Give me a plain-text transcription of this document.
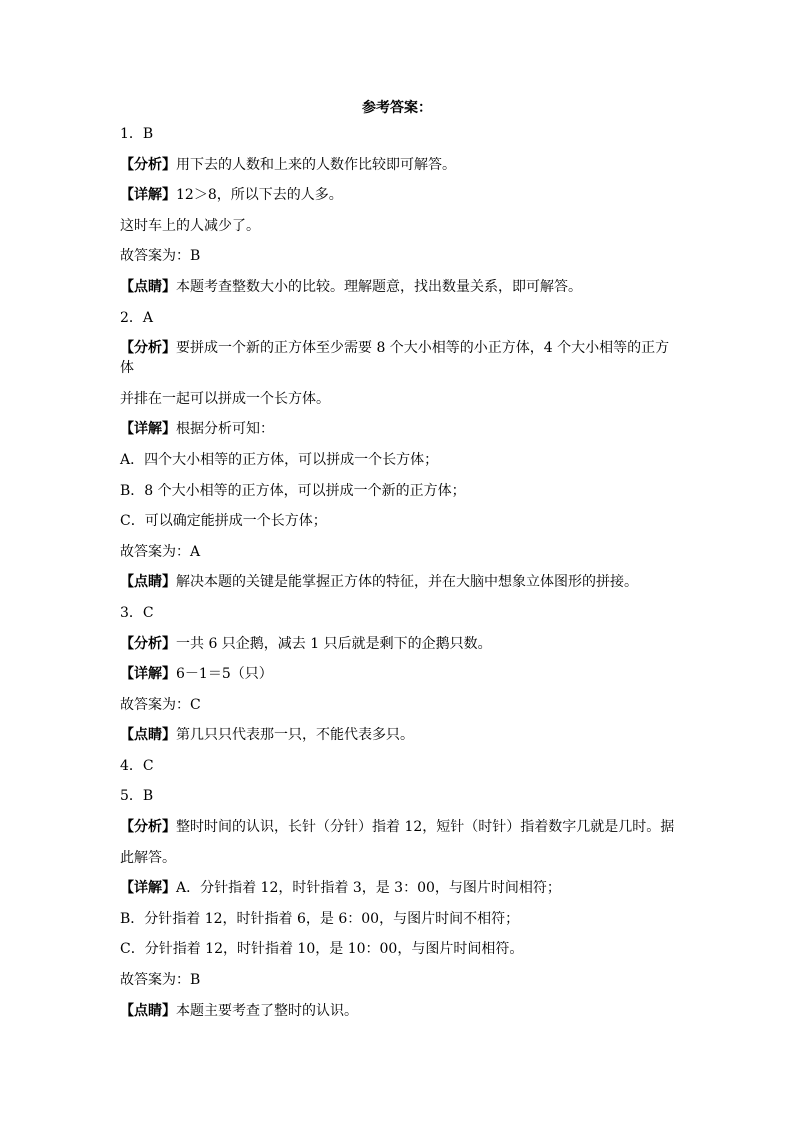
参考答案：
1．B
【分析】用下去的人数和上来的人数作比较即可解答。
【详解】12＞8，所以下去的人多。
这时车上的人减少了。
故答案为：B
【点睛】本题考查整数大小的比较。理解题意，找出数量关系，即可解答。
2．A
【分析】要拼成一个新的正方体至少需要 8 个大小相等的小正方体，4 个大小相等的正方体
并排在一起可以拼成一个长方体。
【详解】根据分析可知：
A．四个大小相等的正方体，可以拼成一个长方体；
B．8 个大小相等的正方体，可以拼成一个新的正方体；
C．可以确定能拼成一个长方体；
故答案为：A
【点睛】解决本题的关键是能掌握正方体的特征，并在大脑中想象立体图形的拼接。
3．C
【分析】一共 6 只企鹅，减去 1 只后就是剩下的企鹅只数。
【详解】6－1＝5（只）
故答案为：C
【点睛】第几只只代表那一只，不能代表多只。
4．C
5．B
【分析】整时时间的认识，长针（分针）指着 12，短针（时针）指着数字几就是几时。据
此解答。
【详解】A．分针指着 12，时针指着 3，是 3：00，与图片时间相符；
B．分针指着 12，时针指着 6，是 6：00，与图片时间不相符；
C．分针指着 12，时针指着 10，是 10：00，与图片时间相符。
故答案为：B
【点睛】本题主要考查了整时的认识。
